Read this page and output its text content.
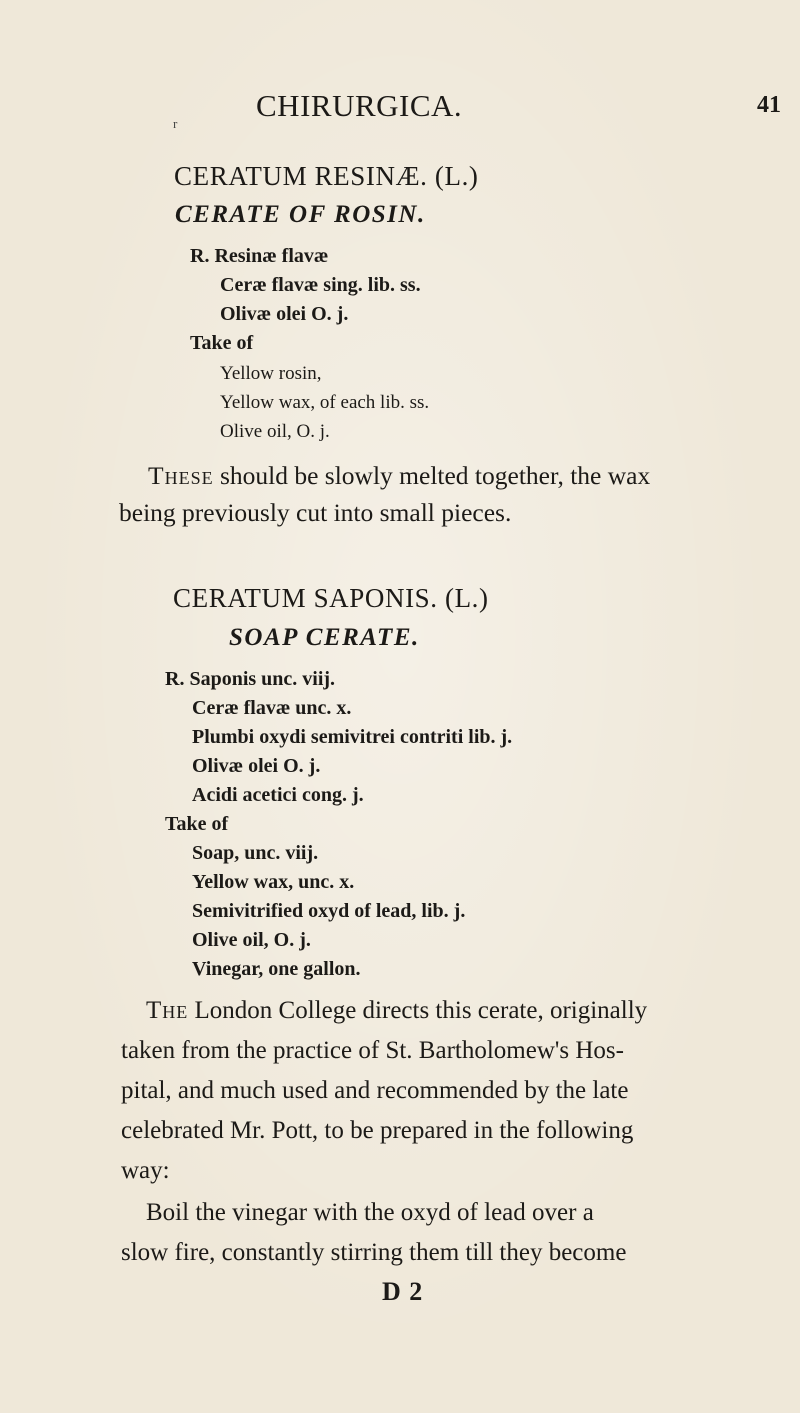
CHIRURGICA.	41
r
CERATUM RESINÆ. (L.)
CERATE OF ROSIN.
R. Resinæ flavæ
Ceræ flavæ sing. lib. ss.
Olivæ olei O. j.
Take of
Yellow rosin,
Yellow wax, of each lib. ss.
Olive oil, O. j.
These should be slowly melted together, the wax
being previously cut into small pieces.
CERATUM SAPONIS. (L.)
SOAP CERATE.
R. Saponis unc. viij.
Ceræ flavæ unc. x.
Plumbi oxydi semivitrei contriti lib. j.
Olivæ olei O. j.
Acidi acetici cong. j.
Take of
Soap, unc. viij.
Yellow wax, unc. x.
Semivitrified oxyd of lead, lib. j.
Olive oil, O. j.
Vinegar, one gallon.
The London College directs this cerate, originally
taken from the practice of St. Bartholomew's Hos-
pital, and much used and recommended by the late
celebrated Mr. Pott, to be prepared in the following
way:
Boil the vinegar with the oxyd of lead over a
slow fire, constantly stirring them till they become
D 2
